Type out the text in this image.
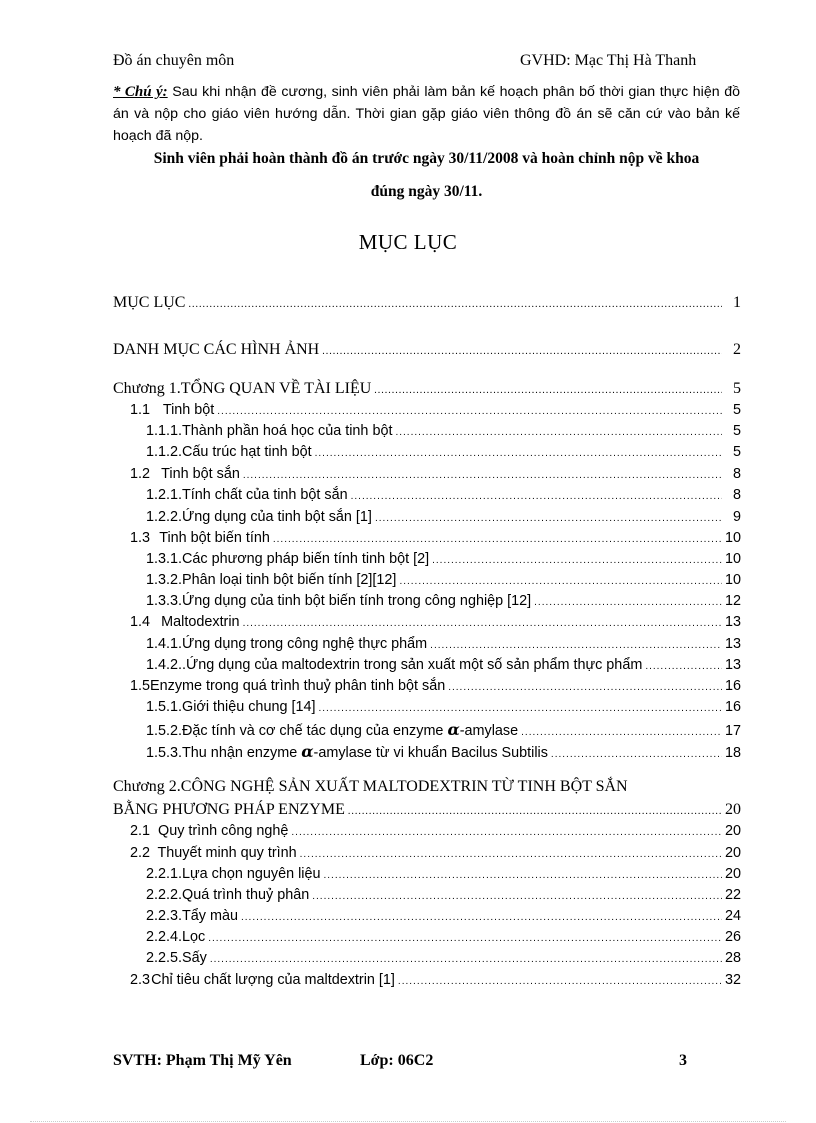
Đồ án chuyên môn	GVHD: Mạc Thị Hà Thanh
* Chú ý: Sau khi nhận đề cương, sinh viên phải làm bản kế hoạch phân bố thời gian thực hiện đồ án và nộp cho giáo viên hướng dẫn. Thời gian gặp giáo viên thông đồ án sẽ căn cứ vào bản kế hoạch đã nộp.
Sinh viên phải hoàn thành đồ án trước ngày 30/11/2008 và hoàn chỉnh nộp về khoa
đúng ngày 30/11.
MỤC LỤC
MỤC LỤC .....	1
DANH MỤC CÁC HÌNH ẢNH .....	2
Chương 1.TỔNG QUAN VỀ TÀI LIỆU .....	5
1.1 Tinh bột .....	5
1.1.1. Thành phần hoá học của tinh bột .....	5
1.1.2. Cấu trúc hạt tinh bột .....	5
1.2 Tinh bột sắn .....	8
1.2.1. Tính chất của tinh bột sắn .....	8
1.2.2. Ứng dụng của tinh bột sắn [1] .....	9
1.3 Tinh bột biến tính .....	10
1.3.1. Các phương pháp biến tính tinh bột [2] .....	10
1.3.2. Phân loại tinh bột biến tính [2][12] .....	10
1.3.3. Ứng dụng của tinh bột biến tính trong công nghiệp [12] .....	12
1.4 Maltodextrin .....	13
1.4.1. Ứng dụng trong công nghệ thực phẩm .....	13
1.4.2. .Ứng dụng của maltodextrin trong sản xuất một số sản phẩm thực phẩm .....	13
1.5 Enzyme trong quá trình thuỷ phân tinh bột sắn .....	16
1.5.1. Giới thiệu chung [14] .....	16
1.5.2. Đặc tính và cơ chế tác dụng của enzyme α-amylase .....	17
1.5.3. Thu nhận enzyme α-amylase từ vi khuẩn Bacilus Subtilis .....	18
Chương 2.CÔNG NGHỆ SẢN XUẤT MALTODEXTRIN TỪ TINH BỘT SẮN
BẰNG PHƯƠNG PHÁP ENZYME .....	20
2.1 Quy trình công nghệ .....	20
2.2 Thuyết minh quy trình .....	20
2.2.1. Lựa chọn nguyên liệu .....	20
2.2.2. Quá trình thuỷ phân .....	22
2.2.3. Tẩy màu .....	24
2.2.4. Lọc .....	26
2.2.5. Sấy .....	28
2.3 Chỉ tiêu chất lượng của maltdextrin [1] .....	32
SVTH: Phạm Thị Mỹ Yên	Lớp: 06C2	3
